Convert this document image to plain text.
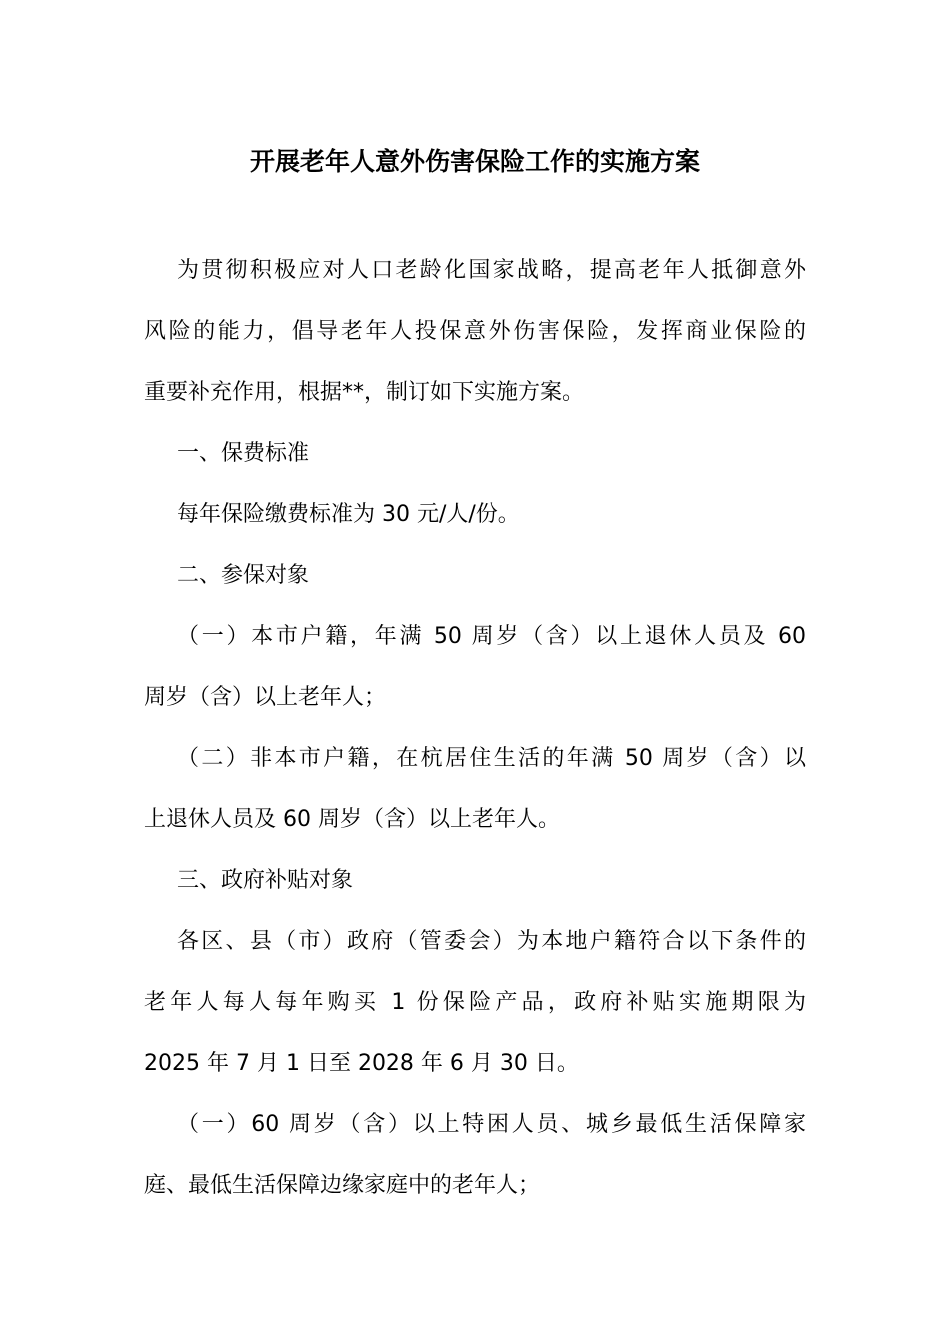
开展老年人意外伤害保险工作的实施方案
为贯彻积极应对人口老龄化国家战略，提高老年人抵御意外
风险的能力，倡导老年人投保意外伤害保险，发挥商业保险的
重要补充作用，根据**，制订如下实施方案。
一、保费标准
每年保险缴费标准为 30 元/人/份。
二、参保对象
（一）本市户籍，年满 50 周岁（含）以上退休人员及 60
周岁（含）以上老年人；
（二）非本市户籍，在杭居住生活的年满 50 周岁（含）以
上退休人员及 60 周岁（含）以上老年人。
三、政府补贴对象
各区、县（市）政府（管委会）为本地户籍符合以下条件的
老年人每人每年购买 1 份保险产品，政府补贴实施期限为
2025 年 7 月 1 日至 2028 年 6 月 30 日。
（一）60 周岁（含）以上特困人员、城乡最低生活保障家
庭、最低生活保障边缘家庭中的老年人；
